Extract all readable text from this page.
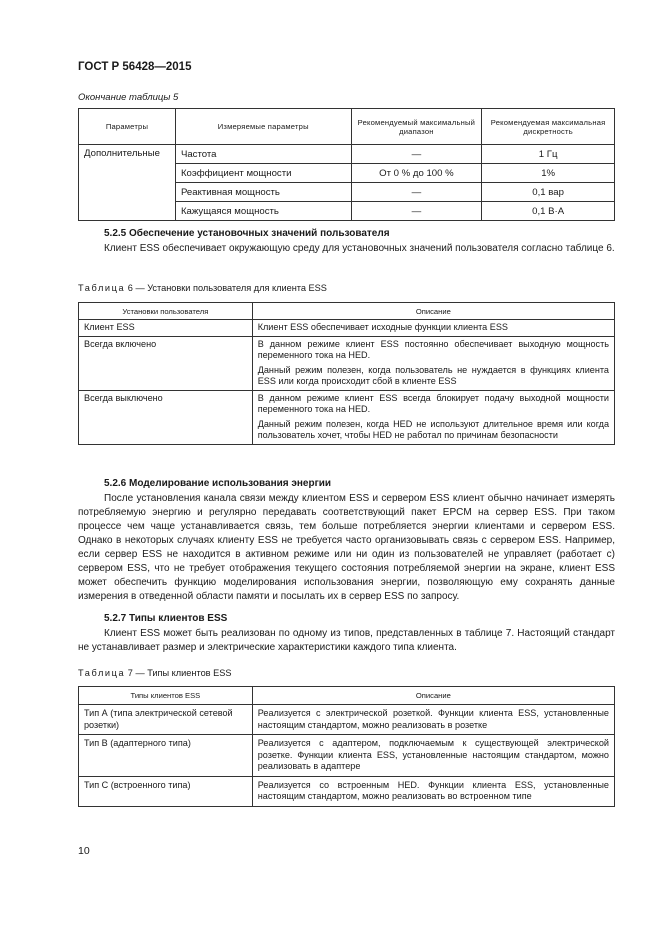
ГОСТ Р 56428—2015
Окончание таблицы 5
Параметры	Измеряемые параметры	Рекомендуемый максимальный диапазон	Рекомендуемая максимальная дискретность
Дополнительные	Частота	—	1 Гц
	Коэффициент мощности	От 0 % до 100 %	1%
	Реактивная мощность	—	0,1 вар
	Кажущаяся мощность	—	0,1 В·А
5.2.5 Обеспечение установочных значений пользователя
Клиент ESS обеспечивает окружающую среду для установочных значений пользователя согласно таблице 6.
Таблица 6 — Установки пользователя для клиента ESS
Установки пользователя	Описание
Клиент ESS	Клиент ESS обеспечивает исходные функции клиента ESS

Всегда включено	В данном режиме клиент ESS постоянно обеспечивает выходную мощность переменного тока на HED.

Данный режим полезен, когда пользователь не нуждается в функциях клиента ESS или когда происходит сбой в клиенте ESS

Всегда выключено	В данном режиме клиент ESS всегда блокирует подачу выходной мощности переменного тока на HED.

Данный режим полезен, когда HED не используют длительное время или когда пользователь хочет, чтобы HED не работал по причинам безопасности

5.2.6 Моделирование использования энергии
После установления канала связи между клиентом ESS и сервером ESS клиент обычно начинает измерять потребляемую энергию и регулярно передавать соответствующий пакет EPCM на сервер ESS. При таком процессе чем чаще устанавливается связь, тем больше потребляется энергии клиентами и сервером ESS. Однако в некоторых случаях клиенту ESS не требуется часто организовывать связь с сервером ESS. Например, если сервер ESS не находится в активном режиме или ни один из пользователей не управляет (работает с) сервером ESS, что не требует отображения текущего состояния потребляемой энергии на экране, клиент ESS может обеспечить функцию моделирования использования энергии, позволяющую ему сохранять данные измерения в отведенной области памяти и посылать их в сервер ESS по запросу.
5.2.7 Типы клиентов ESS
Клиент ESS может быть реализован по одному из типов, представленных в таблице 7. Настоящий стандарт не устанавливает размер и электрические характеристики каждого типа клиента.
Таблица 7 — Типы клиентов ESS
Типы клиентов ESS	Описание
Тип А (типа электрической сетевой розетки)	Реализуется с электрической розеткой. Функции клиента ESS, установленные настоящим стандартом, можно реализовать в розетке
Тип В (адаптерного типа)	Реализуется с адаптером, подключаемым к существующей электрической розетке. Функции клиента ESS, установленные настоящим стандартом, можно реализовать в адаптере
Тип С (встроенного типа)	Реализуется со встроенным HED. Функции клиента ESS, установленные настоящим стандартом, можно реализовать во встроенном типе
10
